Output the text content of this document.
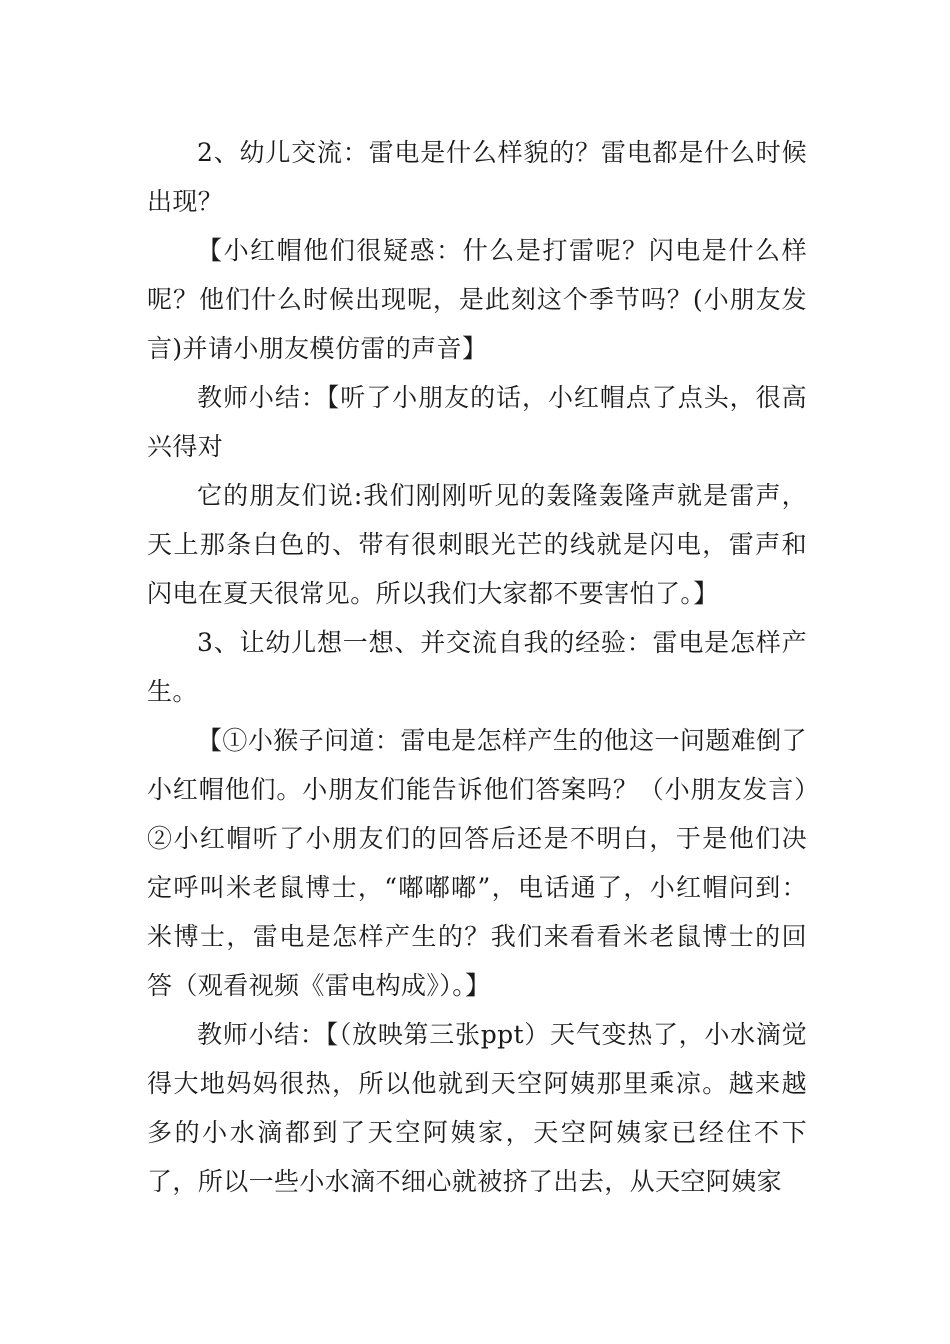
2、幼儿交流：雷电是什么样貌的？雷电都是什么时候出现？

【小红帽他们很疑惑：什么是打雷呢？闪电是什么样呢？他们什么时候出现呢，是此刻这个季节吗？(小朋友发言)并请小朋友模仿雷的声音】

教师小结：【听了小朋友的话，小红帽点了点头，很高兴得对

它的朋友们说:我们刚刚听见的轰隆轰隆声就是雷声，天上那条白色的、带有很刺眼光芒的线就是闪电，雷声和闪电在夏天很常见。所以我们大家都不要害怕了。】

3、让幼儿想一想、并交流自我的经验：雷电是怎样产生。

【①小猴子问道：雷电是怎样产生的他这一问题难倒了小红帽他们。小朋友们能告诉他们答案吗？（小朋友发言）②小红帽听了小朋友们的回答后还是不明白，于是他们决定呼叫米老鼠博士，“嘟嘟嘟”，电话通了，小红帽问到：米博士，雷电是怎样产生的？我们来看看米老鼠博士的回答（观看视频《雷电构成》）。】

教师小结：【（放映第三张ppt）天气变热了，小水滴觉得大地妈妈很热，所以他就到天空阿姨那里乘凉。越来越多的小水滴都到了天空阿姨家，天空阿姨家已经住不下了，所以一些小水滴不细心就被挤了出去，从天空阿姨家
